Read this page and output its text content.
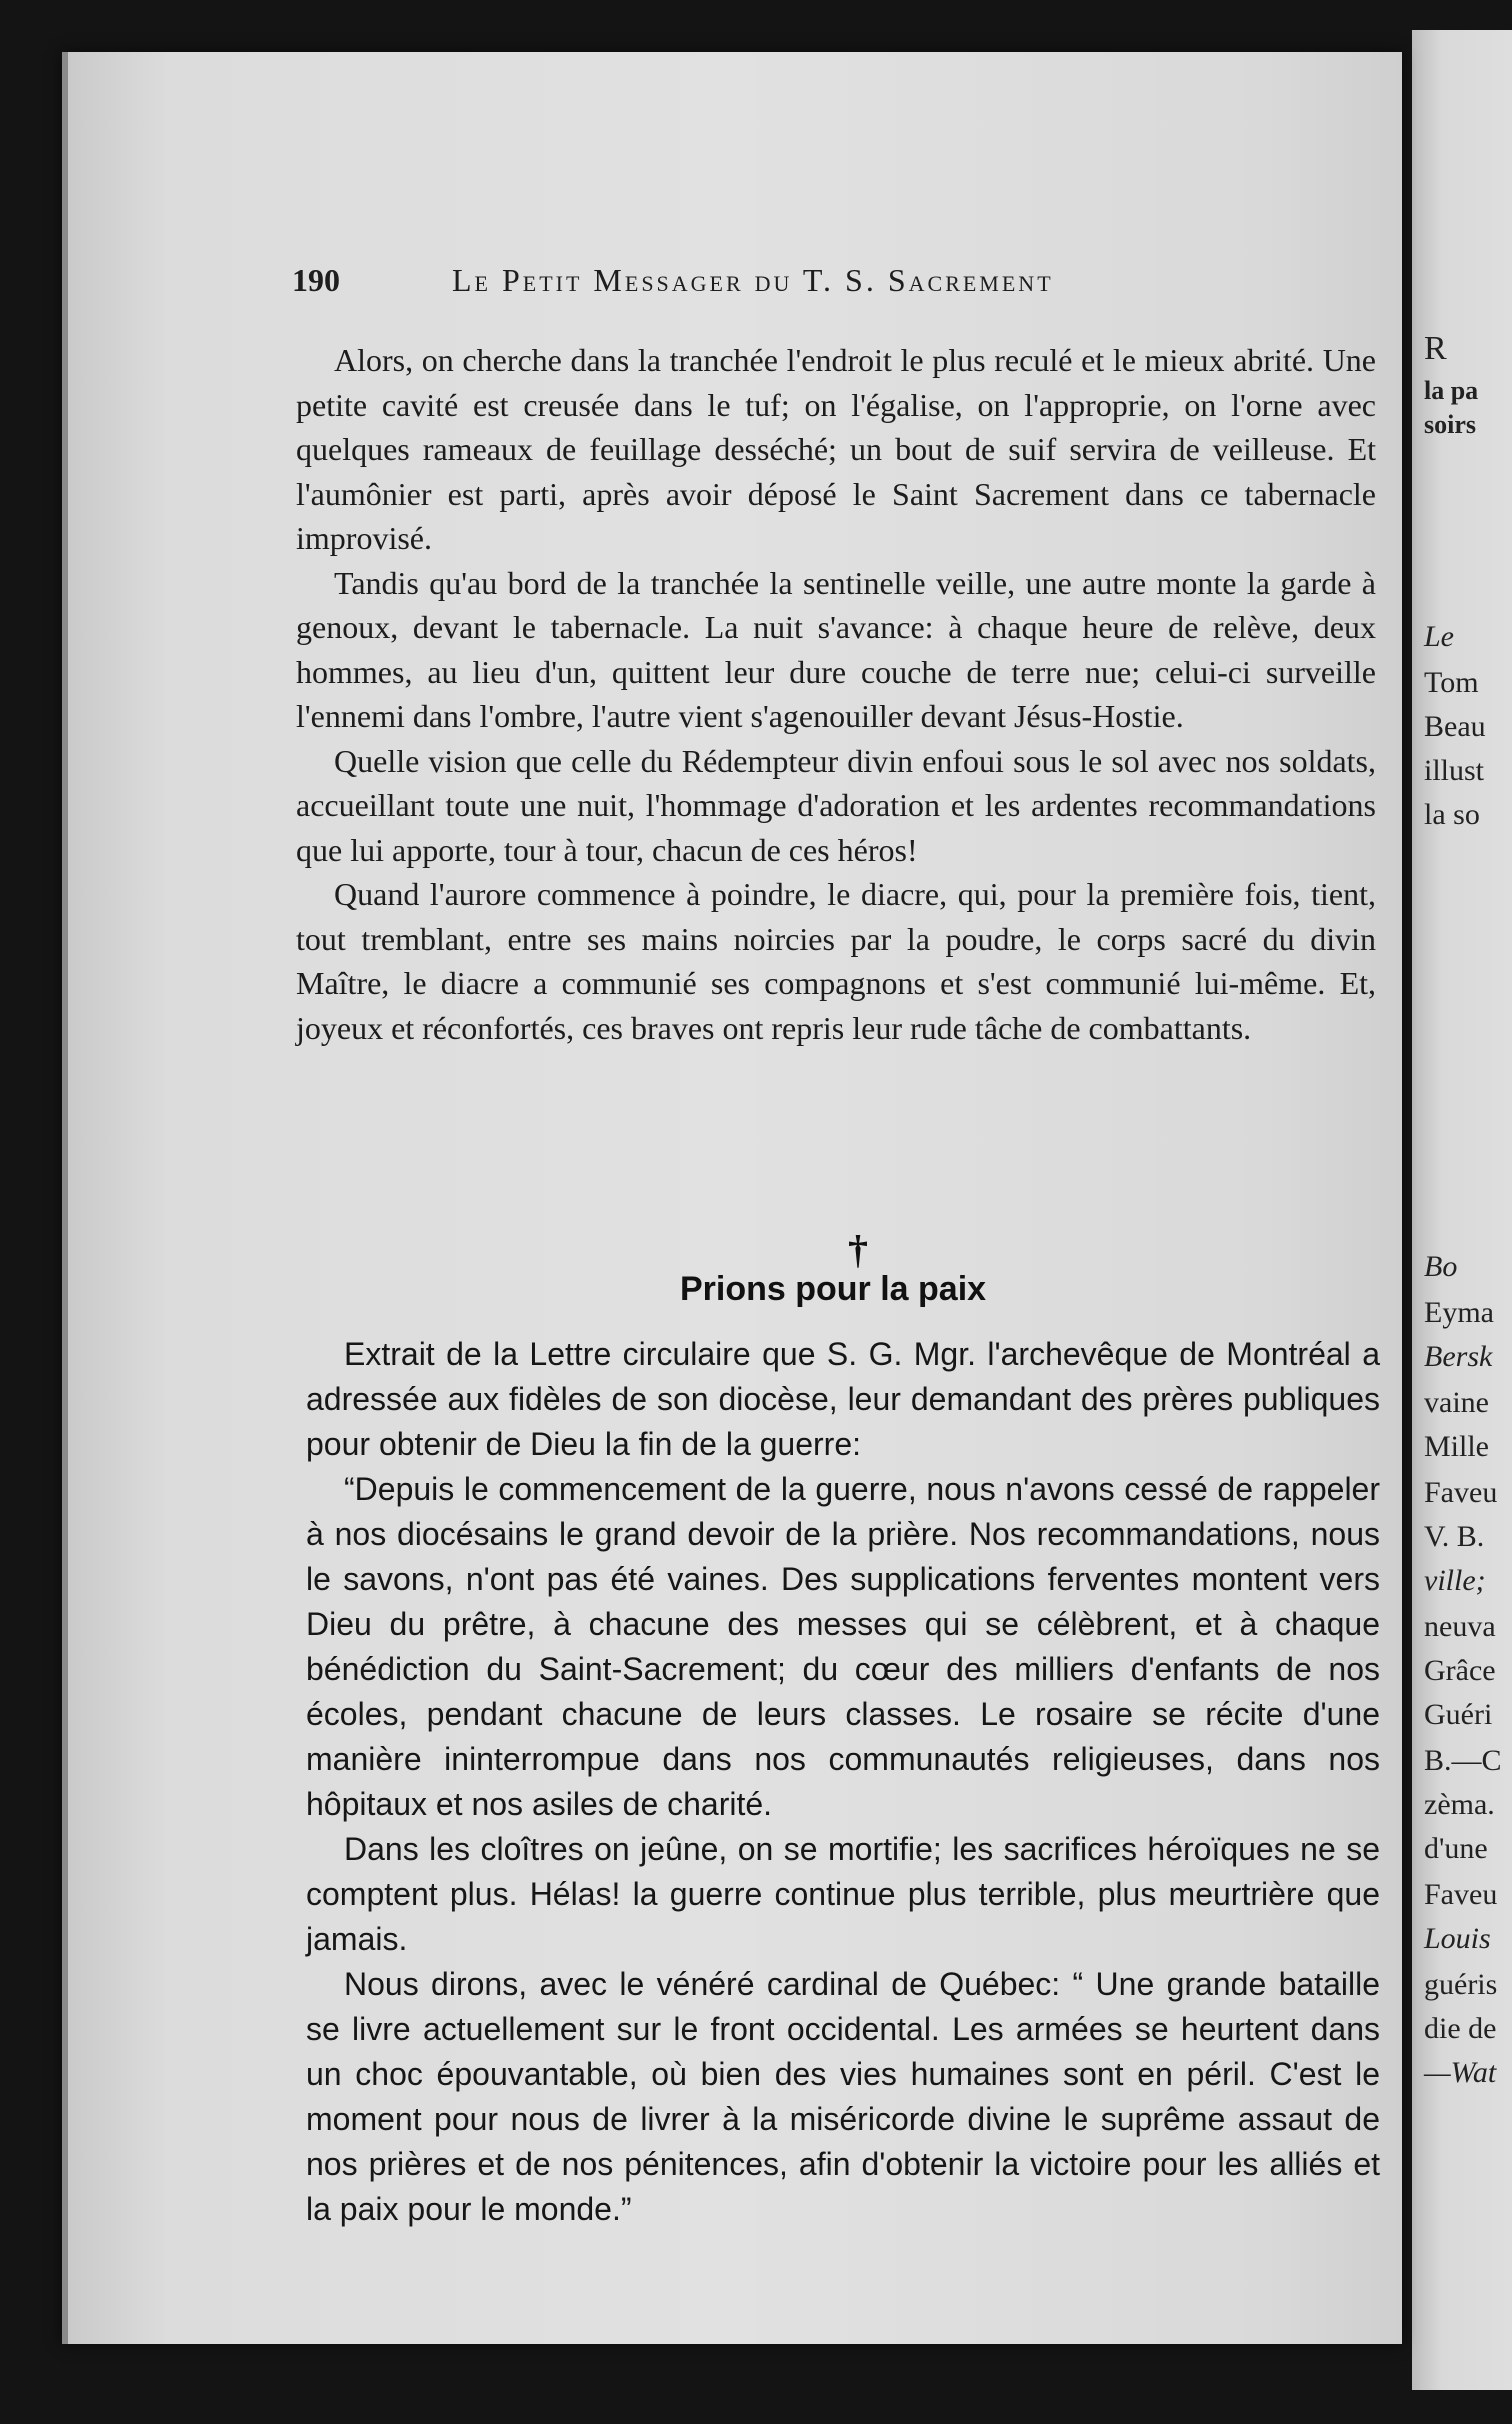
R
la pa
soirs
Le
Tom
Beau
illust
la so
Bo
Eyma
Bersk
vaine
Mille
Faveu
V. B.
ville;
neuva
Grâce
Guéri
B.—C
zèma.
d'une
Faveu
Louis
guéris
die de
—Wat
190	Le Petit Messager du T. S. Sacrement

Alors, on cherche dans la tranchée l'endroit le plus reculé et le mieux abrité. Une petite cavité est creusée dans le tuf; on l'égalise, on l'approprie, on l'orne avec quelques rameaux de feuillage desséché; un bout de suif servira de veilleuse. Et l'aumônier est parti, après avoir déposé le Saint Sacrement dans ce tabernacle improvisé.

Tandis qu'au bord de la tranchée la sentinelle veille, une autre monte la garde à genoux, devant le tabernacle. La nuit s'avance: à chaque heure de relève, deux hommes, au lieu d'un, quittent leur dure couche de terre nue; celui-ci surveille l'ennemi dans l'ombre, l'autre vient s'agenouiller devant Jésus-Hostie.

Quelle vision que celle du Rédempteur divin enfoui sous le sol avec nos soldats, accueillant toute une nuit, l'hommage d'adoration et les ardentes recommandations que lui apporte, tour à tour, chacun de ces héros!

Quand l'aurore commence à poindre, le diacre, qui, pour la première fois, tient, tout tremblant, entre ses mains noircies par la poudre, le corps sacré du divin Maître, le diacre a communié ses compagnons et s'est communié lui-même. Et, joyeux et réconfortés, ces braves ont repris leur rude tâche de combattants.

†
Prions pour la paix

Extrait de la Lettre circulaire que S. G. Mgr. l'archevêque de Montréal a adressée aux fidèles de son diocèse, leur demandant des prères publiques pour obtenir de Dieu la fin de la guerre:

“Depuis le commencement de la guerre, nous n'avons cessé de rappeler à nos diocésains le grand devoir de la prière. Nos recommandations, nous le savons, n'ont pas été vaines. Des supplications ferventes montent vers Dieu du prêtre, à chacune des messes qui se célèbrent, et à chaque bénédiction du Saint-Sacrement; du cœur des milliers d'enfants de nos écoles, pendant chacune de leurs classes. Le rosaire se récite d'une manière ininterrompue dans nos communautés religieuses, dans nos hôpitaux et nos asiles de charité.

Dans les cloîtres on jeûne, on se mortifie; les sacrifices héroïques ne se comptent plus. Hélas! la guerre continue plus terrible, plus meurtrière que jamais.

Nous dirons, avec le vénéré cardinal de Québec: “ Une grande bataille se livre actuellement sur le front occidental. Les armées se heurtent dans un choc épouvantable, où bien des vies humaines sont en péril. C'est le moment pour nous de livrer à la miséricorde divine le suprême assaut de nos prières et de nos pénitences, afin d'obtenir la victoire pour les alliés et la paix pour le monde.”
